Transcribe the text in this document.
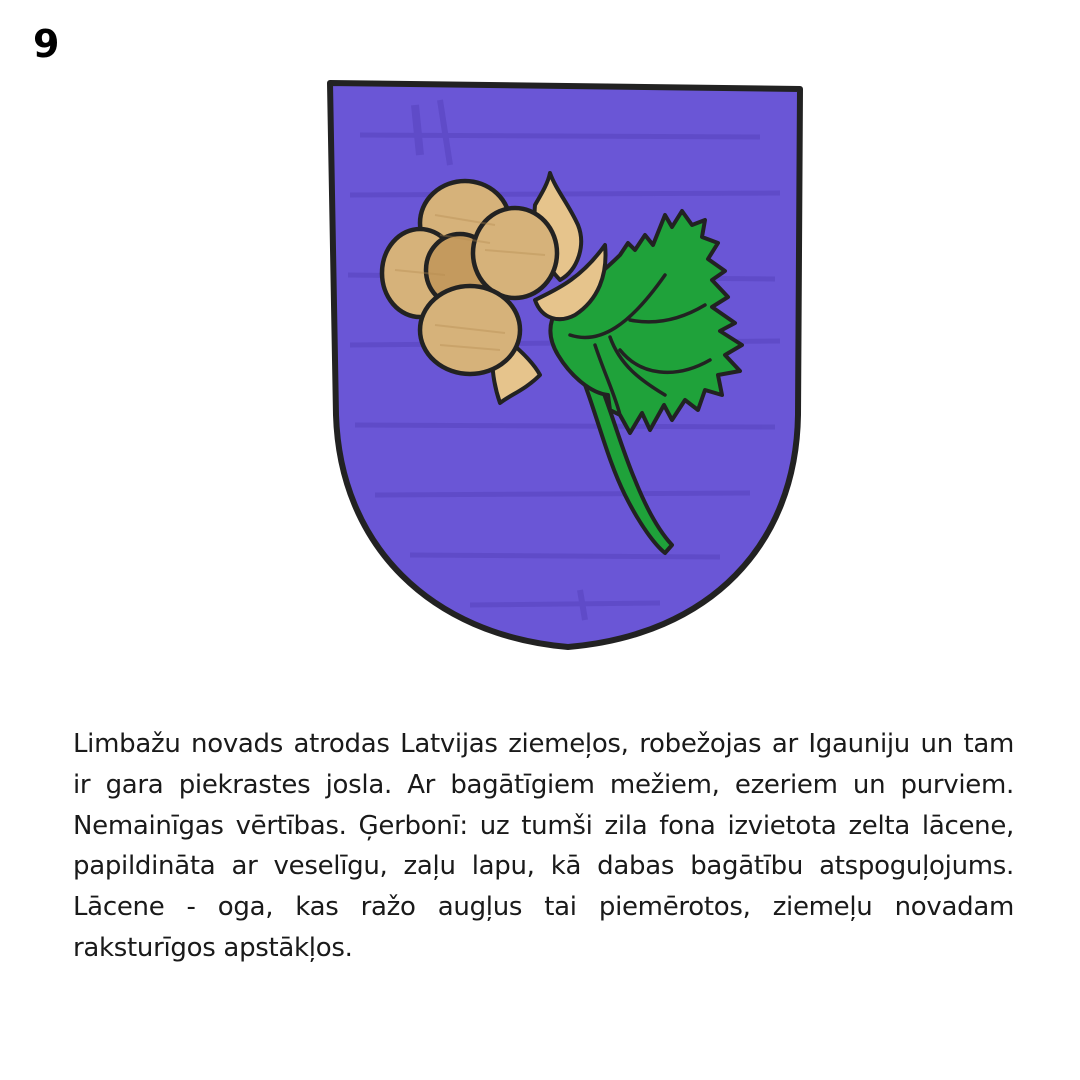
9

Limbažu novads atrodas Latvijas ziemeļos, robežojas ar Igauniju un tam ir gara piekrastes josla. Ar bagātīgiem mežiem, ezeriem un purviem. Nemainīgas vērtības. Ģerbonī: uz tumši zila fona izvietota zelta lācene, papildināta ar veselīgu, zaļu lapu, kā dabas bagātību atspoguļojums. Lācene - oga, kas ražo augļus tai piemērotos, ziemeļu novadam raksturīgos apstākļos.
